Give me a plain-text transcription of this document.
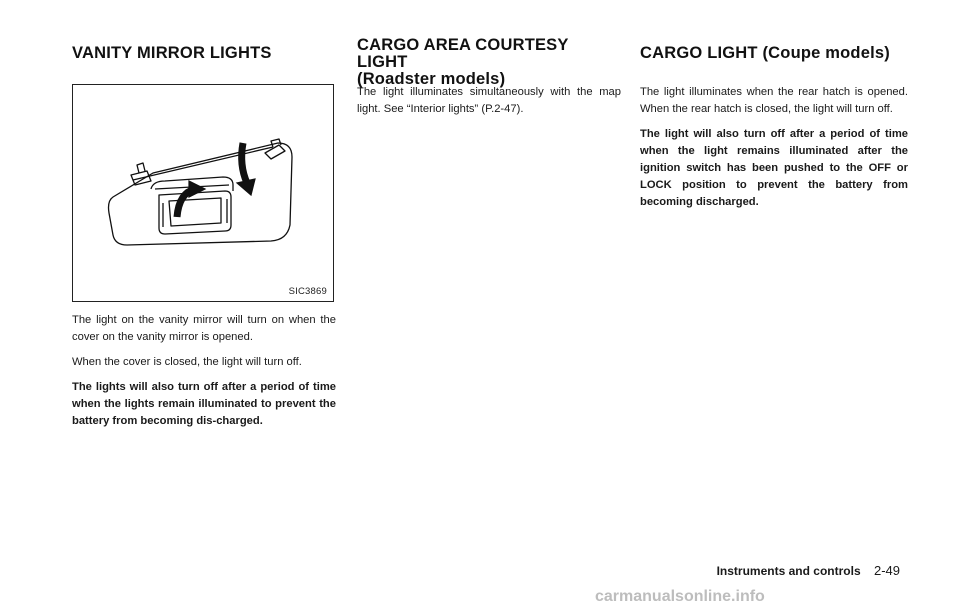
VANITY MIRROR LIGHTS
SIC3869

The light on the vanity mirror will turn on when the cover on the vanity mirror is opened.

When the cover is closed, the light will turn off.

The lights will also turn off after a period of time when the lights remain illuminated to prevent the battery from becoming dis-charged.

CARGO AREA COURTESY LIGHT
(Roadster models)

The light illuminates simultaneously with the map light. See “Interior lights” (P.2-47).

CARGO LIGHT (Coupe models)

The light illuminates when the rear hatch is opened. When the rear hatch is closed, the light will turn off.

The light will also turn off after a period of time when the light remains illuminated after the ignition switch has been pushed to the OFF or LOCK position to prevent the battery from becoming discharged.

Instruments and controls 2-49
carmanualsonline.info
